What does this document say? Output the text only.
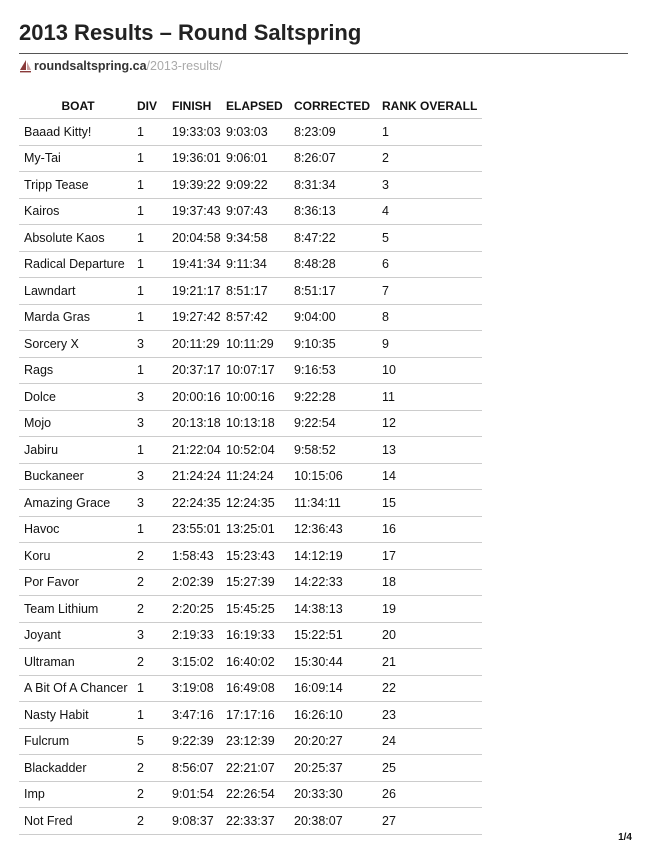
2013 Results – Round Saltspring
roundsaltspring.ca /2013-results/
BOAT	DIV	FINISH	ELAPSED	CORRECTED	RANK OVERALL
Baaad Kitty!	1	19:33:03	9:03:03	8:23:09	1
My-Tai	1	19:36:01	9:06:01	8:26:07	2
Tripp Tease	1	19:39:22	9:09:22	8:31:34	3
Kairos	1	19:37:43	9:07:43	8:36:13	4
Absolute Kaos	1	20:04:58	9:34:58	8:47:22	5
Radical Departure	1	19:41:34	9:11:34	8:48:28	6
Lawndart	1	19:21:17	8:51:17	8:51:17	7
Marda Gras	1	19:27:42	8:57:42	9:04:00	8
Sorcery X	3	20:11:29	10:11:29	9:10:35	9
Rags	1	20:37:17	10:07:17	9:16:53	10
Dolce	3	20:00:16	10:00:16	9:22:28	11
Mojo	3	20:13:18	10:13:18	9:22:54	12
Jabiru	1	21:22:04	10:52:04	9:58:52	13
Buckaneer	3	21:24:24	11:24:24	10:15:06	14
Amazing Grace	3	22:24:35	12:24:35	11:34:11	15
Havoc	1	23:55:01	13:25:01	12:36:43	16
Koru	2	1:58:43	15:23:43	14:12:19	17
Por Favor	2	2:02:39	15:27:39	14:22:33	18
Team Lithium	2	2:20:25	15:45:25	14:38:13	19
Joyant	3	2:19:33	16:19:33	15:22:51	20
Ultraman	2	3:15:02	16:40:02	15:30:44	21
A Bit Of A Chancer	1	3:19:08	16:49:08	16:09:14	22
Nasty Habit	1	3:47:16	17:17:16	16:26:10	23
Fulcrum	5	9:22:39	23:12:39	20:20:27	24
Blackadder	2	8:56:07	22:21:07	20:25:37	25
Imp	2	9:01:54	22:26:54	20:33:30	26
Not Fred	2	9:08:37	22:33:37	20:38:07	27
1/4
